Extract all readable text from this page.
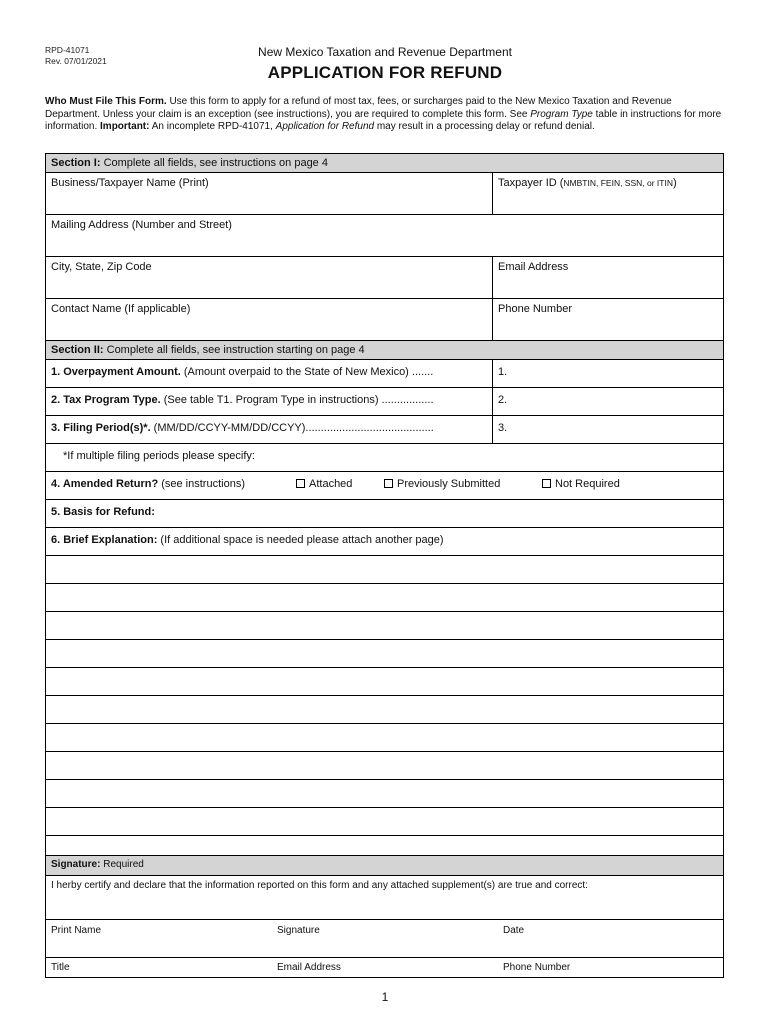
RPD-41071
Rev. 07/01/2021
New Mexico Taxation and Revenue Department
APPLICATION FOR REFUND
Who Must File This Form. Use this form to apply for a refund of most tax, fees, or surcharges paid to the New Mexico Taxation and Revenue Department. Unless your claim is an exception (see instructions), you are required to complete this form. See Program Type table in instructions for more information. Important: An incomplete RPD-41071, Application for Refund may result in a processing delay or refund denial.
Section I: Complete all fields, see instructions on page 4
Business/Taxpayer Name (Print)	Taxpayer ID (NMBTIN, FEIN, SSN, or ITIN)
Mailing Address (Number and Street)
City, State, Zip Code	Email Address
Contact Name (If applicable)	Phone Number
Section II: Complete all fields, see instruction starting on page 4
1. Overpayment Amount. (Amount overpaid to the State of New Mexico) .......	1.
2. Tax Program Type. (See table T1. Program Type in instructions) .................	2.
3. Filing Period(s)*. (MM/DD/CCYY-MM/DD/CCYY)..........................................	3.
*If multiple filing periods please specify:
4. Amended Return? (see instructions)	Attached	Previously Submitted	Not Required
5. Basis for Refund:
6. Brief Explanation: (If additional space is needed please attach another page)
Signature: Required
I herby certify and declare that the information reported on this form and any attached supplement(s) are true and correct:
Print Name	Signature	Date
Title	Email Address	Phone Number
1
